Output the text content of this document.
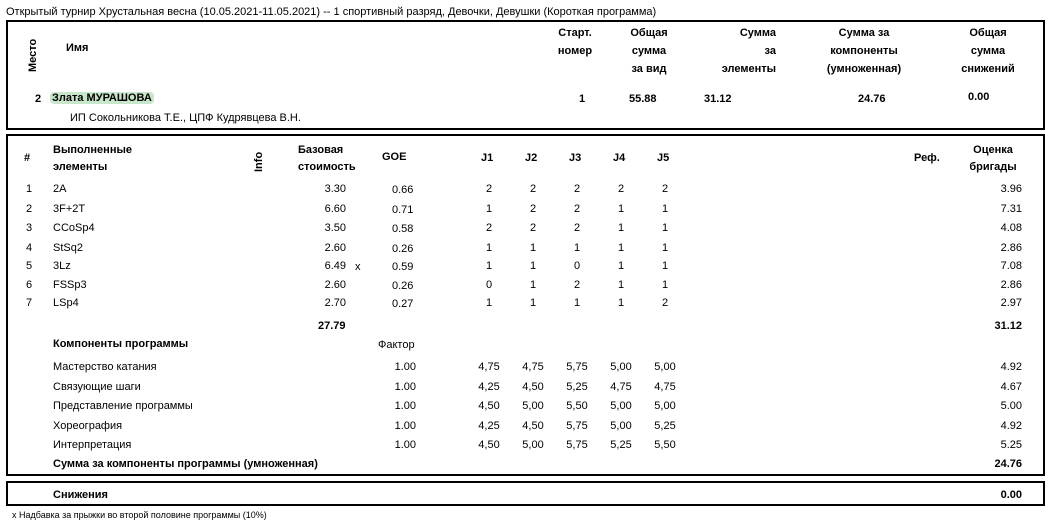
Открытый турнир Хрустальная весна (10.05.2021-11.05.2021) -- 1 спортивный разряд, Девочки, Девушки (Короткая программа)
Место Имя
Старт.
номер
Общая
сумма
за вид
Сумма
за
элементы
Сумма за
компоненты
(умноженная)
Общая
сумма
снижений
2 Злата МУРАШОВА
ИП Сокольникова Т.Е., ЦПФ Кудрявцева В.Н.
1	55.88	31.12	24.76	0.00
#
Выполненные
элементы	Info
Базовая
стоимость
GOE	J1	J2	J3	J4	J5	Реф.
Оценка
бригады
1 2A	3.30	0.66	2	2	2	2	2	3.96
2 3F+2T	6.60	0.71	1	2	2	1	1	7.31
3 CCoSp4	3.50	0.58	2	2	2	1	1	4.08
4 StSq2	2.60	0.26	1	1	1	1	1	2.86
5 3Lz	6.49 x	0.59	1	1	0	1	1	7.08
6 FSSp3	2.60	0.26	0	1	2	1	1	2.86
7 LSp4	2.70	0.27	1	1	1	1	2	2.97
27.79	31.12
Компоненты программы	Фактор
Мастерство катания	1.00	4,75	4,75	5,75	5,00	5,00	4.92
Связующие шаги	1.00	4,25	4,50	5,25	4,75	4,75	4.67
Представление программы	1.00	4,50	5,00	5,50	5,00	5,00	5.00
Хореография	1.00	4,25	4,50	5,75	5,00	5,25	4.92
Интерпретация	1.00	4,50	5,00	5,75	5,25	5,50	5.25
Сумма за компоненты программы (умноженная)	24.76
Снижения	0.00
x Надбавка за прыжки во второй половине программы (10%)
